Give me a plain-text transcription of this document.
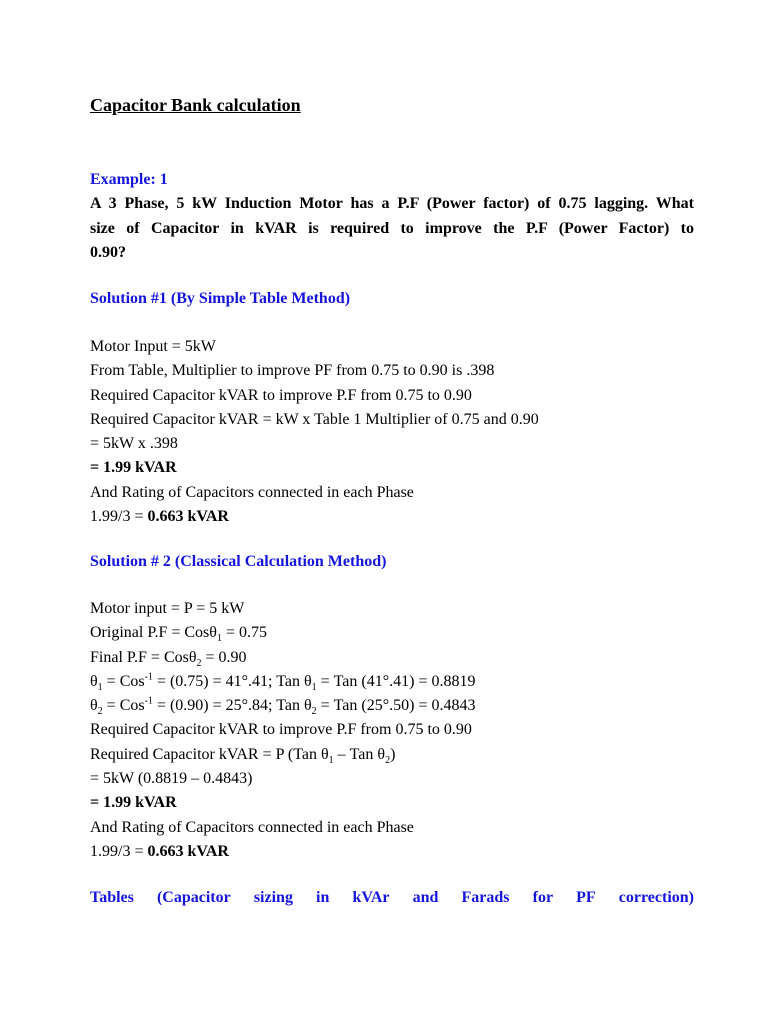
Capacitor Bank calculation
Example: 1
A 3 Phase, 5 kW Induction Motor has a P.F (Power factor) of 0.75 lagging. What
size of Capacitor in kVAR is required to improve the P.F (Power Factor) to
0.90?
Solution #1 (By Simple Table Method)
Motor Input = 5kW
From Table, Multiplier to improve PF from 0.75 to 0.90 is .398
Required Capacitor kVAR to improve P.F from 0.75 to 0.90
Required Capacitor kVAR = kW x Table 1 Multiplier of 0.75 and 0.90
= 5kW x .398
= 1.99 kVAR
And Rating of Capacitors connected in each Phase
1.99/3 = 0.663 kVAR
Solution # 2 (Classical Calculation Method)
Motor input = P = 5 kW
Original P.F = Cosθ$_1$ = 0.75
Final P.F = Cosθ$_2$ = 0.90
$\theta_1 = Cos^{-1} = (0.75) = 41^\circ.41$; Tan $\theta_1$ = Tan (41°.41) = 0.8819
$\theta_2 = Cos^{-1} = (0.90) = 25^\circ.84$; Tan $\theta_2$ = Tan (25°.50) = 0.4843
Required Capacitor kVAR to improve P.F from 0.75 to 0.90
Required Capacitor kVAR = P (Tan $\theta_1$ – Tan $\theta_2$)
= 5kW (0.8819 – 0.4843)
= 1.99 kVAR
And Rating of Capacitors connected in each Phase
1.99/3 = 0.663 kVAR
Tables (Capacitor sizing in kVAr and Farads for PF correction)
